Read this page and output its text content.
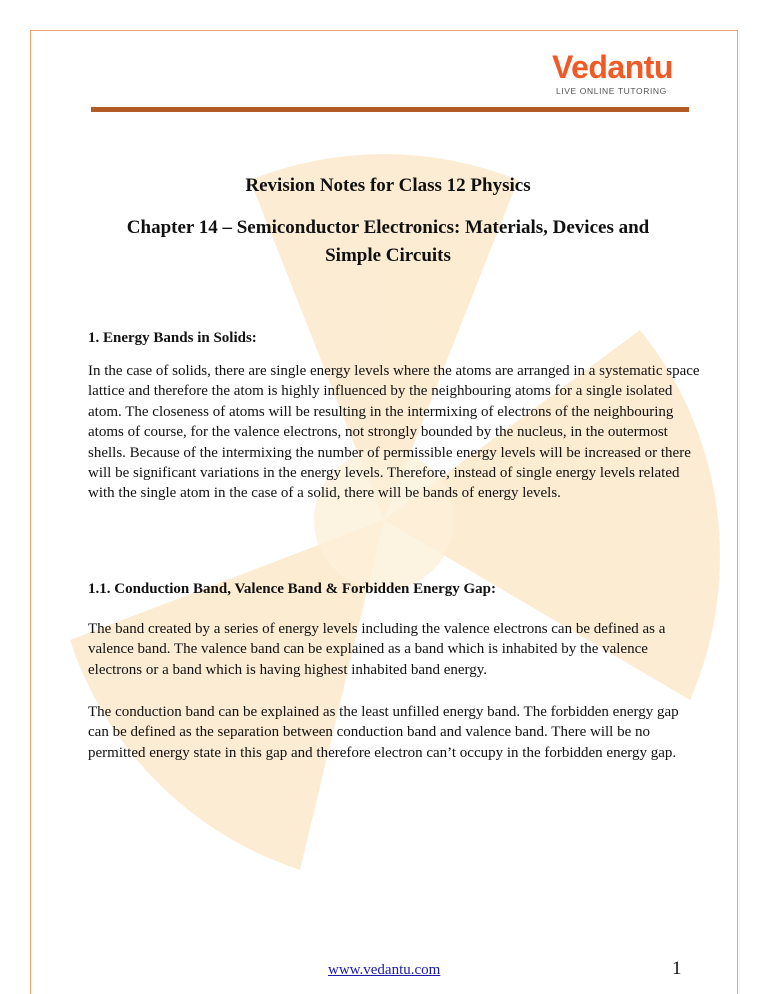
Vedantu
LIVE ONLINE TUTORING
Revision Notes for Class 12 Physics
Chapter 14 – Semiconductor Electronics: Materials, Devices and
Simple Circuits
1. Energy Bands in Solids:

In the case of solids, there are single energy levels where the atoms are arranged in a systematic space lattice and therefore the atom is highly influenced by the neighbouring atoms for a single isolated atom. The closeness of atoms will be resulting in the intermixing of electrons of the neighbouring atoms of course, for the valence electrons, not strongly bounded by the nucleus, in the outermost shells. Because of the intermixing the number of permissible energy levels will be increased or there will be significant variations in the energy levels. Therefore, instead of single energy levels related with the single atom in the case of a solid, there will be bands of energy levels.

1.1. Conduction Band, Valence Band & Forbidden Energy Gap:

The band created by a series of energy levels including the valence electrons can be defined as a valence band. The valence band can be explained as a band which is inhabited by the valence electrons or a band which is having highest inhabited band energy.

The conduction band can be explained as the least unfilled energy band. The forbidden energy gap can be defined as the separation between conduction band and valence band. There will be no permitted energy state in this gap and therefore electron can’t occupy in the forbidden energy gap.

www.vedantu.com	1
